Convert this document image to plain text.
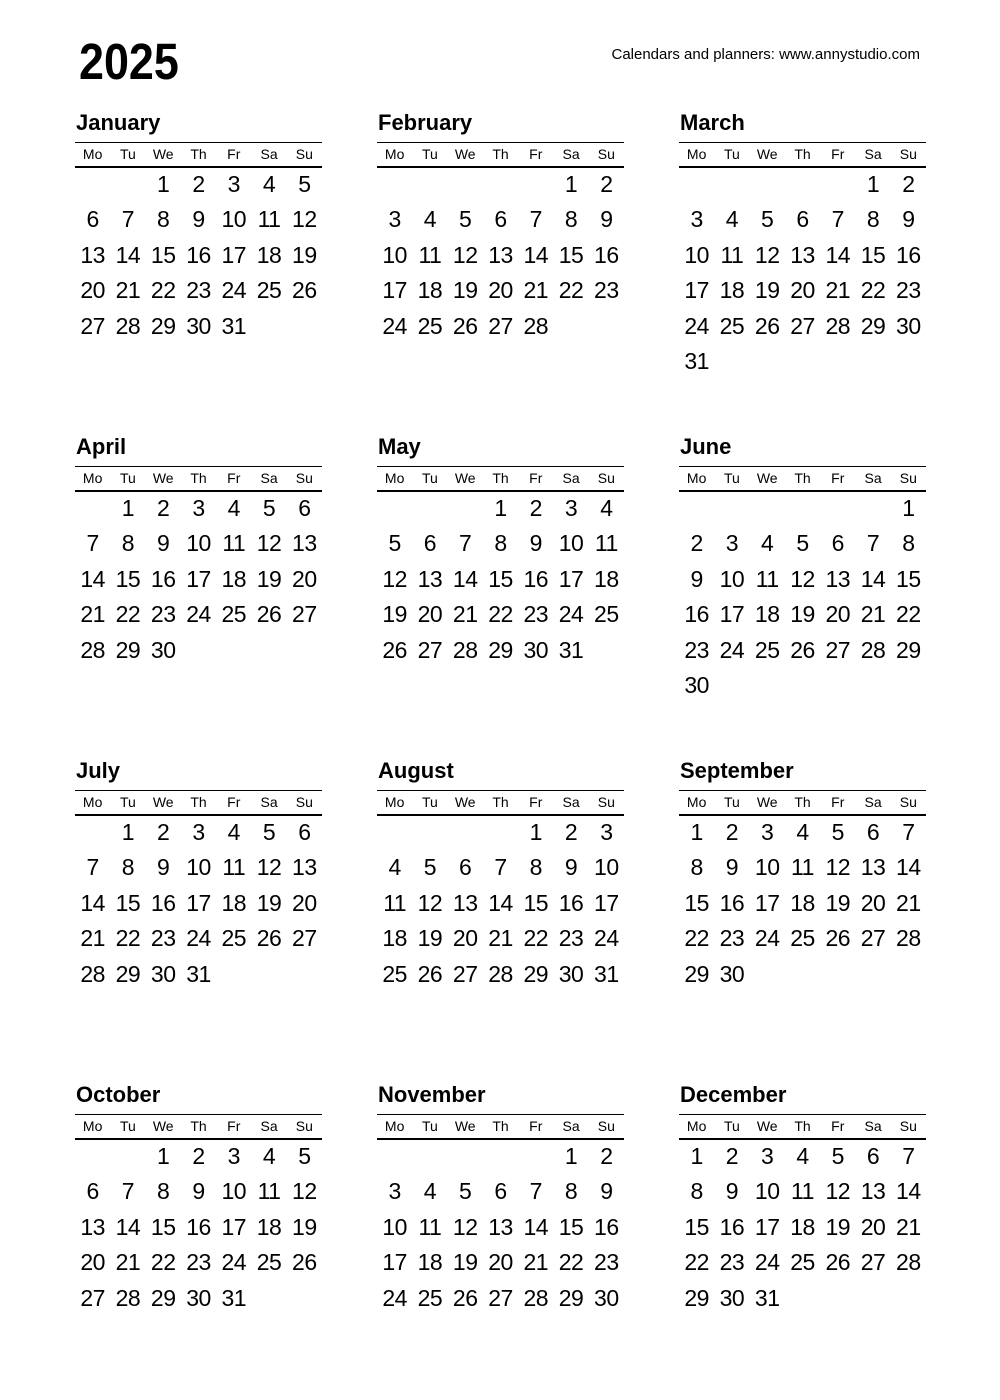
2025	Calendars and planners: www.annystudio.com
January
Mo	Tu	We	Th	Fr	Sa	Su
		1	2	3	4	5
6	7	8	9	10	11	12
13	14	15	16	17	18	19
20	21	22	23	24	25	26
27	28	29	30	31		
February
Mo	Tu	We	Th	Fr	Sa	Su
					1	2
3	4	5	6	7	8	9
10	11	12	13	14	15	16
17	18	19	20	21	22	23
24	25	26	27	28		
March
Mo	Tu	We	Th	Fr	Sa	Su
					1	2
3	4	5	6	7	8	9
10	11	12	13	14	15	16
17	18	19	20	21	22	23
24	25	26	27	28	29	30
31						
April
Mo	Tu	We	Th	Fr	Sa	Su
	1	2	3	4	5	6
7	8	9	10	11	12	13
14	15	16	17	18	19	20
21	22	23	24	25	26	27
28	29	30				
May
Mo	Tu	We	Th	Fr	Sa	Su
			1	2	3	4
5	6	7	8	9	10	11
12	13	14	15	16	17	18
19	20	21	22	23	24	25
26	27	28	29	30	31	
June
Mo	Tu	We	Th	Fr	Sa	Su
						1
2	3	4	5	6	7	8
9	10	11	12	13	14	15
16	17	18	19	20	21	22
23	24	25	26	27	28	29
30						
July
Mo	Tu	We	Th	Fr	Sa	Su
	1	2	3	4	5	6
7	8	9	10	11	12	13
14	15	16	17	18	19	20
21	22	23	24	25	26	27
28	29	30	31			
August
Mo	Tu	We	Th	Fr	Sa	Su
				1	2	3
4	5	6	7	8	9	10
11	12	13	14	15	16	17
18	19	20	21	22	23	24
25	26	27	28	29	30	31
September
Mo	Tu	We	Th	Fr	Sa	Su
1	2	3	4	5	6	7
8	9	10	11	12	13	14
15	16	17	18	19	20	21
22	23	24	25	26	27	28
29	30					
October
Mo	Tu	We	Th	Fr	Sa	Su
		1	2	3	4	5
6	7	8	9	10	11	12
13	14	15	16	17	18	19
20	21	22	23	24	25	26
27	28	29	30	31		
November
Mo	Tu	We	Th	Fr	Sa	Su
					1	2
3	4	5	6	7	8	9
10	11	12	13	14	15	16
17	18	19	20	21	22	23
24	25	26	27	28	29	30
December
Mo	Tu	We	Th	Fr	Sa	Su
1	2	3	4	5	6	7
8	9	10	11	12	13	14
15	16	17	18	19	20	21
22	23	24	25	26	27	28
29	30	31				
